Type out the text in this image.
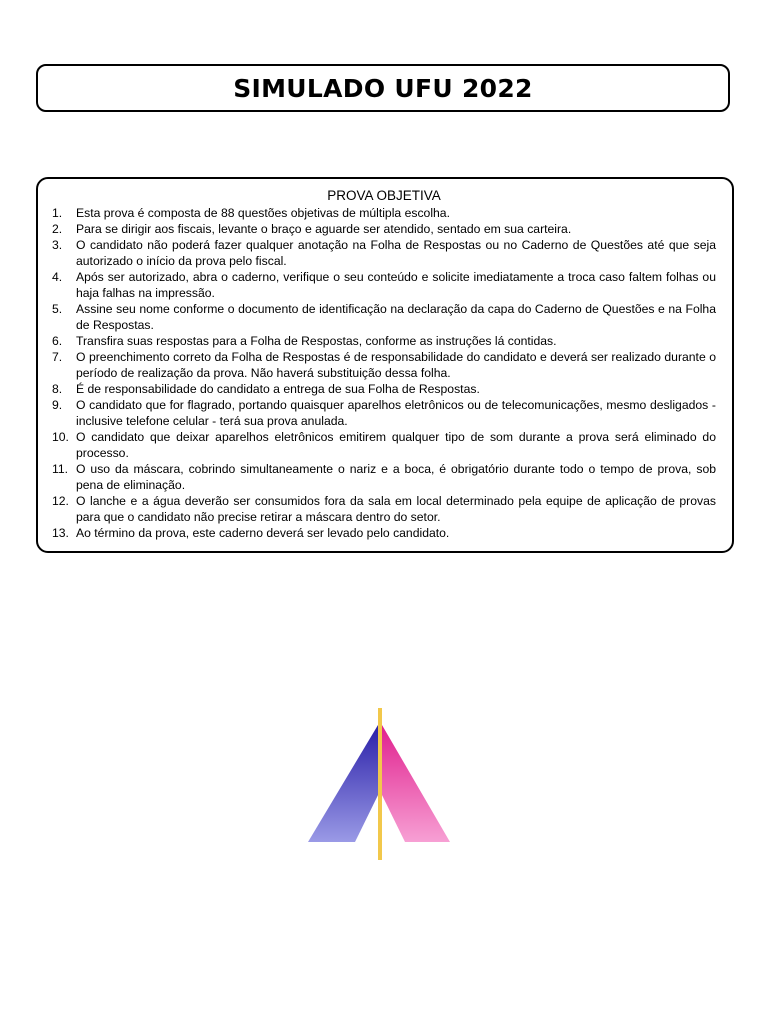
SIMULADO UFU 2022
PROVA OBJETIVA
1.	Esta prova é composta de 88 questões objetivas de múltipla escolha.
2.	Para se dirigir aos fiscais, levante o braço e aguarde ser atendido, sentado em sua carteira.
3.	O candidato não poderá fazer qualquer anotação na Folha de Respostas ou no Caderno de Questões até que seja autorizado o início da prova pelo fiscal.
4.	Após ser autorizado, abra o caderno, verifique o seu conteúdo e solicite imediatamente a troca caso faltem folhas ou haja falhas na impressão.
5.	Assine seu nome conforme o documento de identificação na declaração da capa do Caderno de Questões e na Folha de Respostas.
6.	Transfira suas respostas para a Folha de Respostas, conforme as instruções lá contidas.
7.	O preenchimento correto da Folha de Respostas é de responsabilidade do candidato e deverá ser realizado durante o período de realização da prova. Não haverá substituição dessa folha.
8.	É de responsabilidade do candidato a entrega de sua Folha de Respostas.
9.	O candidato que for flagrado, portando quaisquer aparelhos eletrônicos ou de telecomunicações, mesmo desligados - inclusive telefone celular - terá sua prova anulada.
10. O candidato que deixar aparelhos eletrônicos emitirem qualquer tipo de som durante a prova será eliminado do processo.
11. O uso da máscara, cobrindo simultaneamente o nariz e a boca, é obrigatório durante todo o tempo de prova, sob pena de eliminação.
12. O lanche e a água deverão ser consumidos fora da sala em local determinado pela equipe de aplicação de provas para que o candidato não precise retirar a máscara dentro do setor.
13. Ao término da prova, este caderno deverá ser levado pelo candidato.
